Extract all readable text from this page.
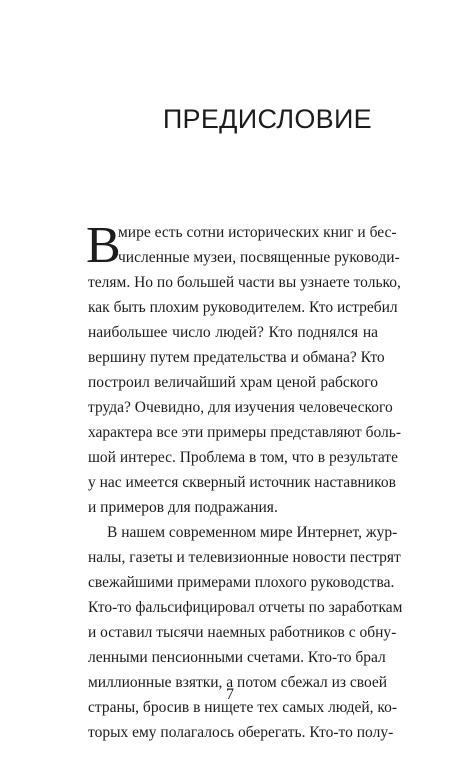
ПРЕДИСЛОВИЕ
В
мире есть сотни исторических книг и бес-
численные музеи, посвященные руководи-
телям. Но по большей части вы узнаете только,
как быть плохим руководителем. Кто истребил
наибольшее число людей? Кто поднялся на
вершину путем предательства и обмана? Кто
построил величайший храм ценой рабского
труда? Очевидно, для изучения человеческого
характера все эти примеры представляют боль-
шой интерес. Проблема в том, что в результате
у нас имеется скверный источник наставников
и примеров для подражания.
В нашем современном мире Интернет, жур-
налы, газеты и телевизионные новости пестрят
свежайшими примерами плохого руководства.
Кто-то фальсифицировал отчеты по заработкам
и оставил тысячи наемных работников с обну-
ленными пенсионными счетами. Кто-то брал
миллионные взятки, а потом сбежал из своей
страны, бросив в нищете тех самых людей, ко-
торых ему полагалось оберегать. Кто-то полу-
7
